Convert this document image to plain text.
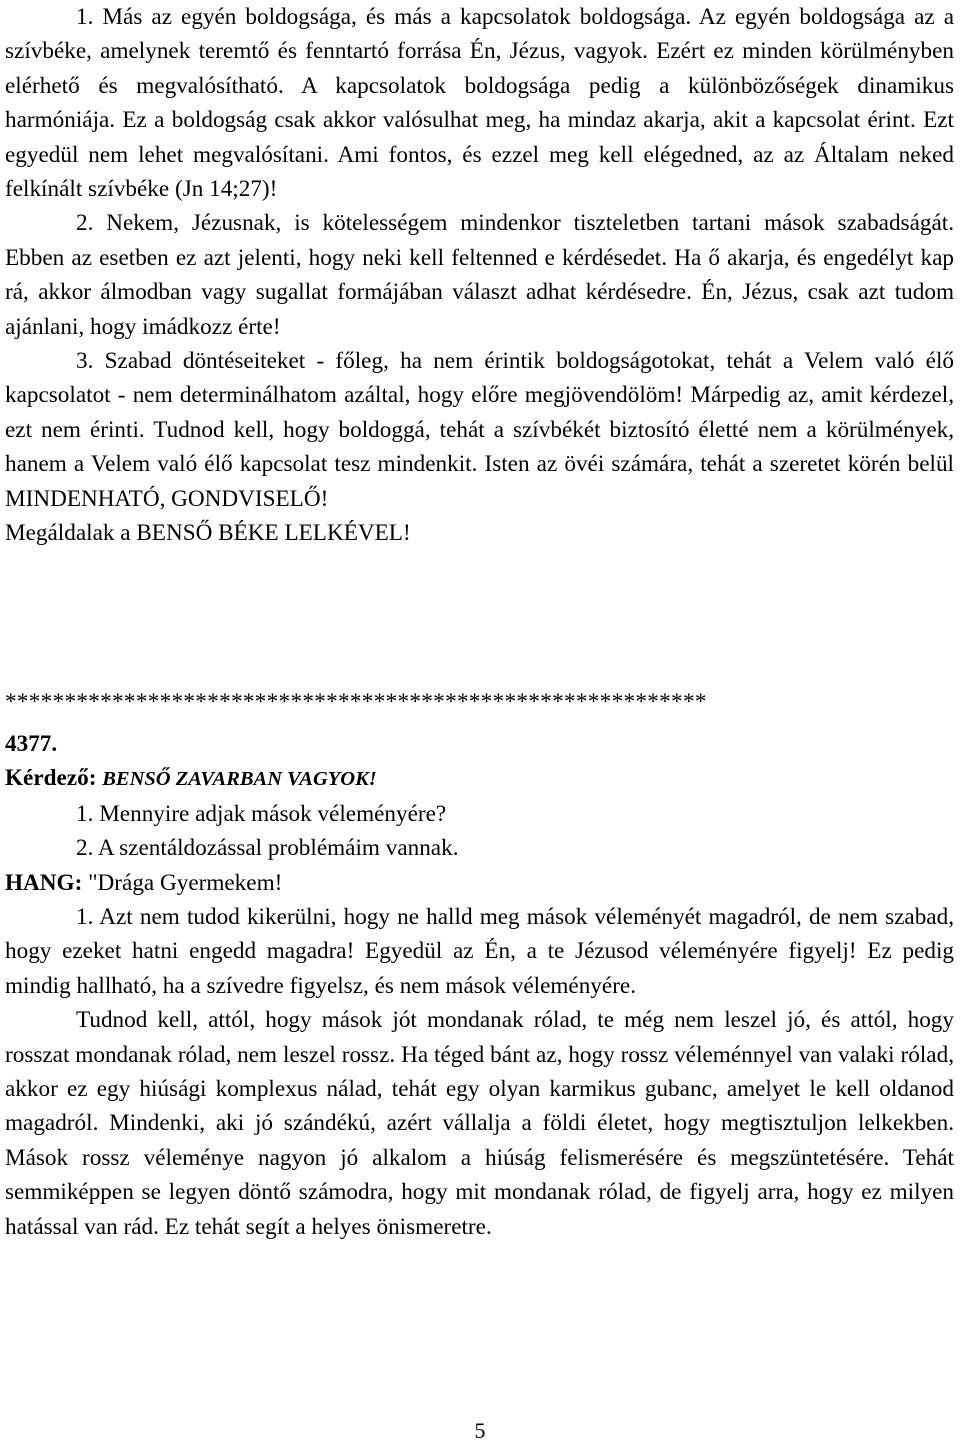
1. Más az egyén boldogsága, és más a kapcsolatok boldogsága. Az egyén boldogsága az a szívbéke, amelynek teremtő és fenntartó forrása Én, Jézus, vagyok. Ezért ez minden körülményben elérhető és megvalósítható. A kapcsolatok boldogsága pedig a különbözőségek dinamikus harmóniája. Ez a boldogság csak akkor valósulhat meg, ha mindaz akarja, akit a kapcsolat érint. Ezt egyedül nem lehet megvalósítani. Ami fontos, és ezzel meg kell elégedned, az az Általam neked felkínált szívbéke (Jn 14;27)!

2. Nekem, Jézusnak, is kötelességem mindenkor tiszteletben tartani mások szabadságát. Ebben az esetben ez azt jelenti, hogy neki kell feltenned e kérdésedet. Ha ő akarja, és engedélyt kap rá, akkor álmodban vagy sugallat formájában választ adhat kérdésedre. Én, Jézus, csak azt tudom ajánlani, hogy imádkozz érte!

3. Szabad döntéseiteket - főleg, ha nem érintik boldogságotokat, tehát a Velem való élő kapcsolatot - nem determinálhatom azáltal, hogy előre megjövendölöm! Márpedig az, amit kérdezel, ezt nem érinti. Tudnod kell, hogy boldoggá, tehát a szívbékét biztosító életté nem a körülmények, hanem a Velem való élő kapcsolat tesz mindenkit. Isten az övéi számára, tehát a szeretet körén belül MINDENHATÓ, GONDVISELŐ!

Megáldalak a BENSŐ BÉKE LELKÉVEL!

***********************************************************

4377.

Kérdező: BENSŐ ZAVARBAN VAGYOK!

1. Mennyire adjak mások véleményére?

2. A szentáldozással problémáim vannak.

HANG: "Drága Gyermekem!

1. Azt nem tudod kikerülni, hogy ne halld meg mások véleményét magadról, de nem szabad, hogy ezeket hatni engedd magadra! Egyedül az Én, a te Jézusod véleményére figyelj! Ez pedig mindig hallható, ha a szívedre figyelsz, és nem mások véleményére.

Tudnod kell, attól, hogy mások jót mondanak rólad, te még nem leszel jó, és attól, hogy rosszat mondanak rólad, nem leszel rossz. Ha téged bánt az, hogy rossz véleménnyel van valaki rólad, akkor ez egy hiúsági komplexus nálad, tehát egy olyan karmikus gubanc, amelyet le kell oldanod magadról. Mindenki, aki jó szándékú, azért vállalja a földi életet, hogy megtisztuljon lelkekben. Mások rossz véleménye nagyon jó alkalom a hiúság felismerésére és megszüntetésére. Tehát semmiképpen se legyen döntő számodra, hogy mit mondanak rólad, de figyelj arra, hogy ez milyen hatással van rád. Ez tehát segít a helyes önismeretre.

5
